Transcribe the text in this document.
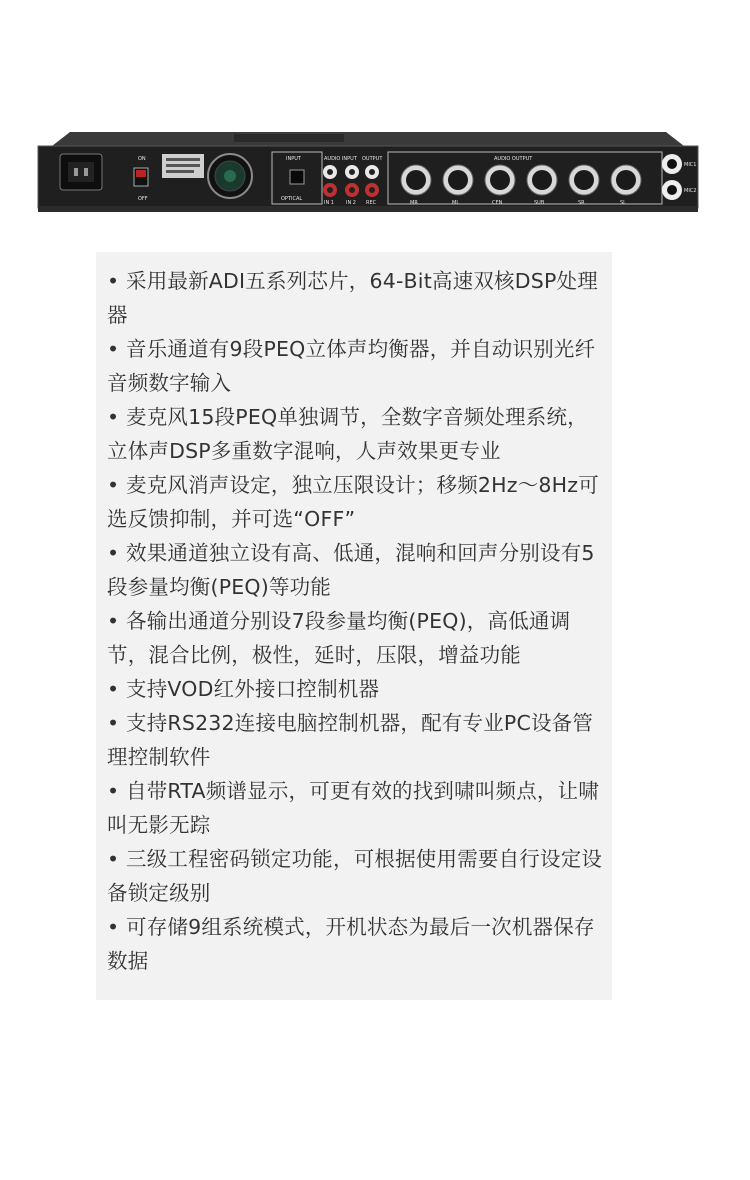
ON
OFF
INPUT
OPTICAL
AUDIO INPUT
IN 1 IN 2
OUTPUT
REC
AUDIO OUTPUT
MR	ML	CEN	SUB	SR	SL
MIC1
MIC2
• 采用最新ADI五系列芯片，64-Bit高速双核DSP处理器
• 音乐通道有9段PEQ立体声均衡器，并自动识别光纤音频数字输入
• 麦克风15段PEQ单独调节，全数字音频处理系统，立体声DSP多重数字混响，人声效果更专业
• 麦克风消声设定，独立压限设计；移频2Hz～8Hz可选反馈抑制，并可选“OFF”
• 效果通道独立设有高、低通，混响和回声分别设有5段参量均衡(PEQ)等功能
• 各输出通道分别设7段参量均衡(PEQ)，高低通调节，混合比例，极性，延时，压限，增益功能
• 支持VOD红外接口控制机器
• 支持RS232连接电脑控制机器，配有专业PC设备管理控制软件
• 自带RTA频谱显示，可更有效的找到啸叫频点，让啸叫无影无踪
• 三级工程密码锁定功能，可根据使用需要自行设定设备锁定级别
• 可存储9组系统模式，开机状态为最后一次机器保存数据
